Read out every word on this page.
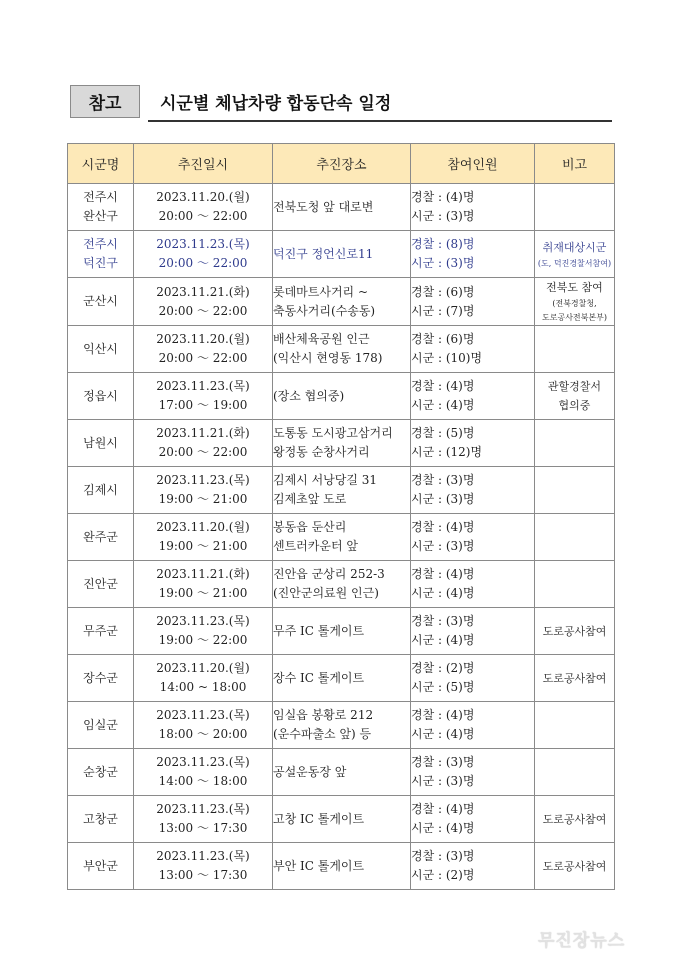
참고	시군별 체납차량 합동단속 일정
시군명	추진일시	추진장소	참여인원	비고

전주시
완산구	2023.11.20.(월)
20:00 ～ 22:00	전북도청 앞 대로변	경찰 : (4)명
시군 : (3)명	

전주시
덕진구	2023.11.23.(목)
20:00 ～ 22:00	덕진구 정언신로11	경찰 : (8)명
시군 : (3)명	취재대상시군
(도, 덕진경찰서참여)

군산시	2023.11.21.(화)
20:00 ～ 22:00	롯데마트사거리 ~
축동사거리(수송동)	경찰 : (6)명
시군 : (7)명	전북도 참여
(전북경찰청,
도로공사전북본부)

익산시	2023.11.20.(월)
20:00 ～ 22:00	배산체육공원 인근
(익산시 현영동 178)	경찰 : (6)명
시군 : (10)명	

정읍시	2023.11.23.(목)
17:00 ～ 19:00	(장소 협의중)	경찰 : (4)명
시군 : (4)명	관할경찰서
협의중

남원시	2023.11.21.(화)
20:00 ～ 22:00	도통동 도시광고삼거리
왕정동 순창사거리	경찰 : (5)명
시군 : (12)명	

김제시	2023.11.23.(목)
19:00 ～ 21:00	김제시 서낭당길 31
김제초앞 도로	경찰 : (3)명
시군 : (3)명	

완주군	2023.11.20.(월)
19:00 ～ 21:00	봉동읍 둔산리
센트러카운터 앞	경찰 : (4)명
시군 : (3)명	

진안군	2023.11.21.(화)
19:00 ～ 21:00	진안읍 군상리 252-3
(진안군의료원 인근)	경찰 : (4)명
시군 : (4)명	

무주군	2023.11.23.(목)
19:00 ～ 22:00	무주 IC 톨게이트	경찰 : (3)명
시군 : (4)명	도로공사참여

장수군	2023.11.20.(월)
14:00 ~ 18:00	장수 IC 톨게이트	경찰 : (2)명
시군 : (5)명	도로공사참여

임실군	2023.11.23.(목)
18:00 ～ 20:00	임실읍 봉황로 212
(운수파출소 앞) 등	경찰 : (4)명
시군 : (4)명	

순창군	2023.11.23.(목)
14:00 ～ 18:00	공설운동장 앞	경찰 : (3)명
시군 : (3)명	

고창군	2023.11.23.(목)
13:00 ～ 17:30	고창 IC 톨게이트	경찰 : (4)명
시군 : (4)명	도로공사참여

부안군	2023.11.23.(목)
13:00 ～ 17:30	부안 IC 톨게이트	경찰 : (3)명
시군 : (2)명	도로공사참여
무진장뉴스
